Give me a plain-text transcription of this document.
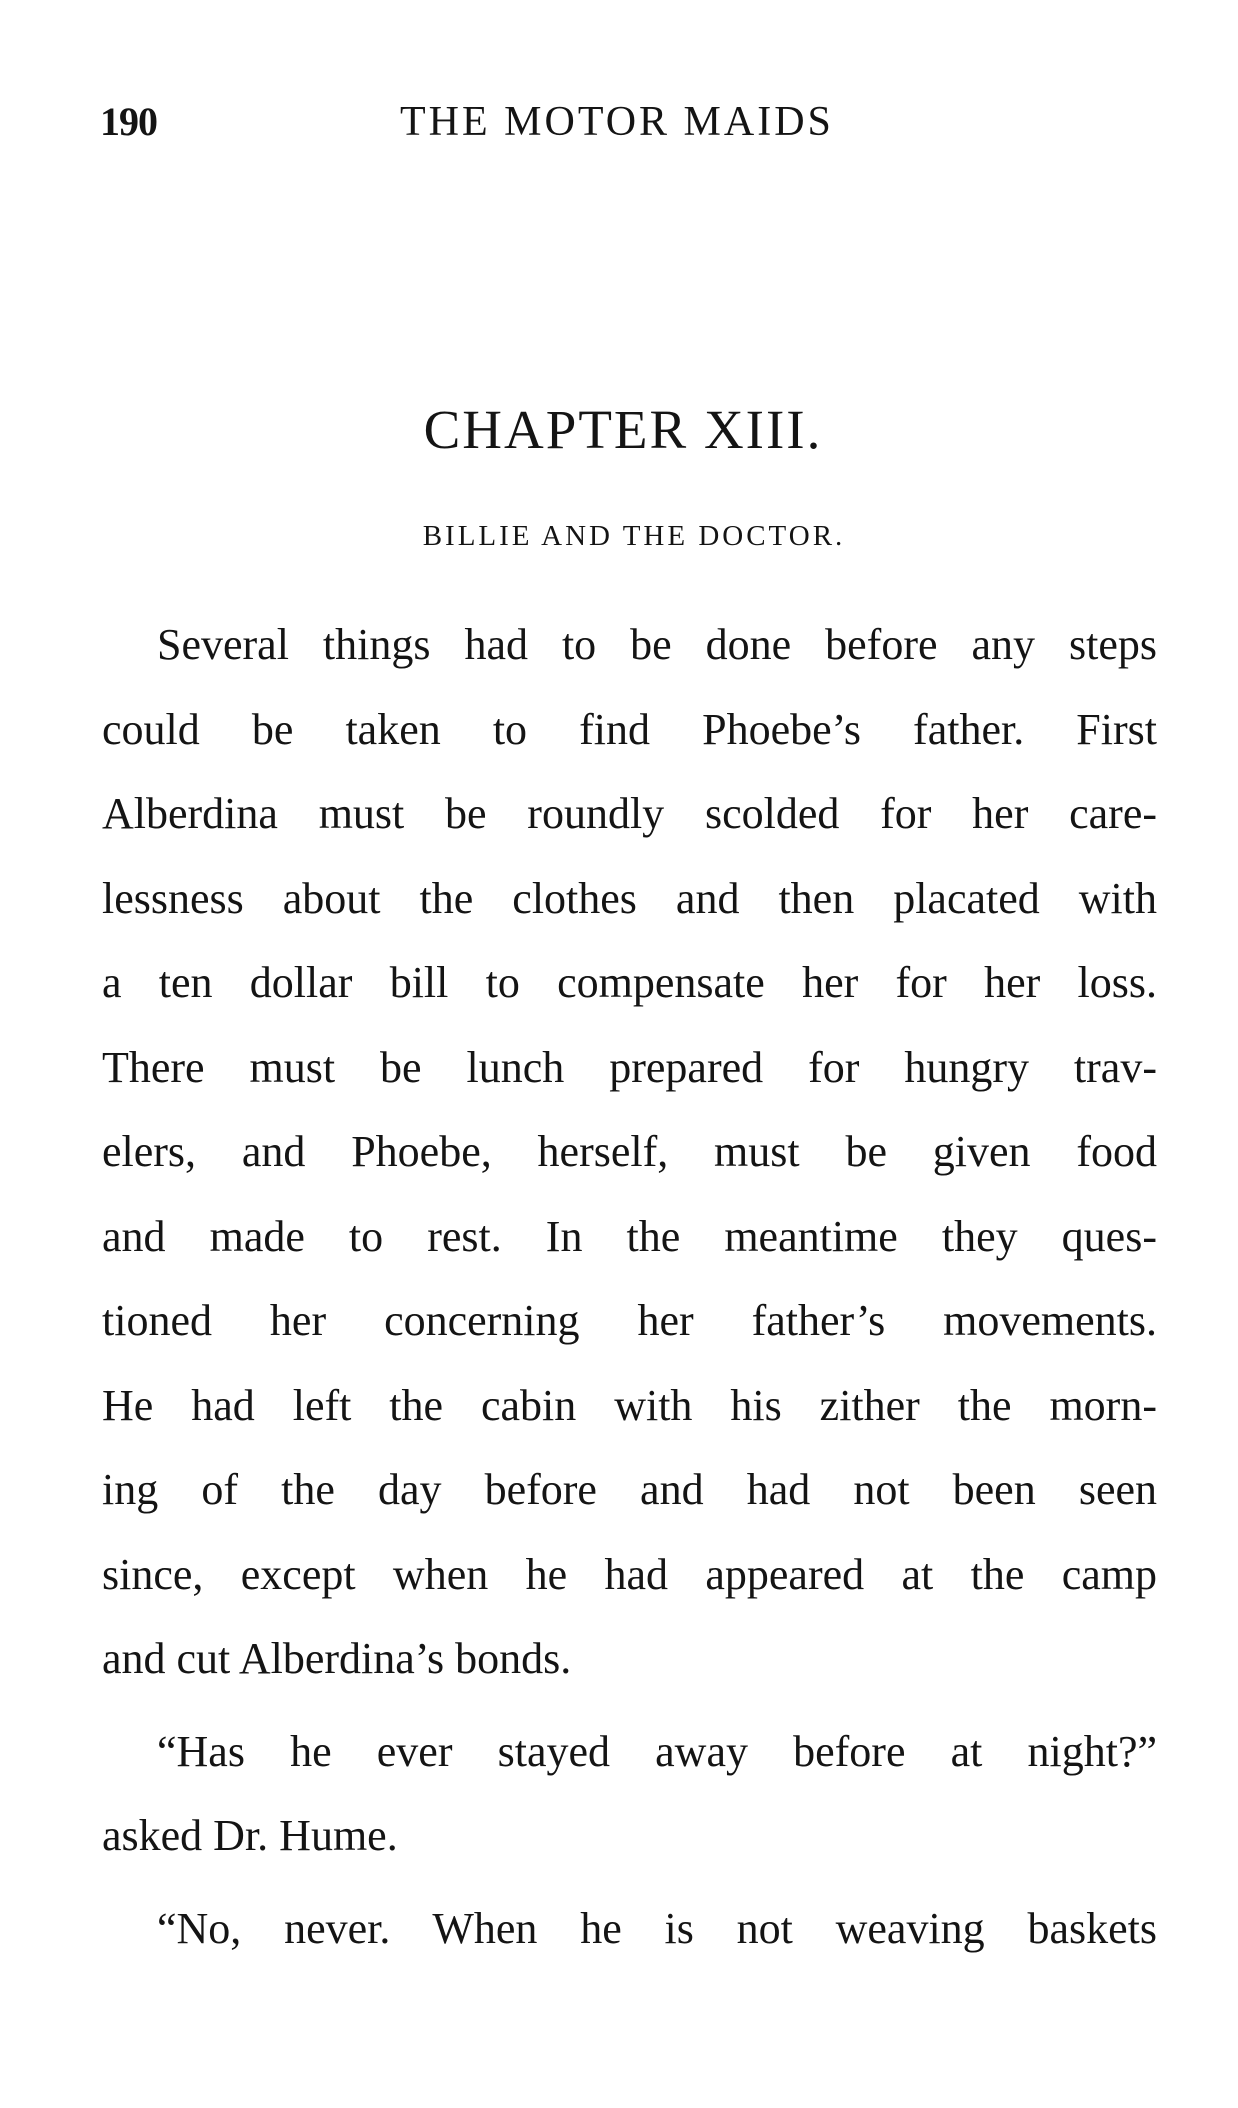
190	THE MOTOR MAIDS
CHAPTER XIII.
BILLIE AND THE DOCTOR.
Several things had to be done before any steps
could be taken to find Phoebe’s father. First
Alberdina must be roundly scolded for her care-
lessness about the clothes and then placated with
a ten dollar bill to compensate her for her loss.
There must be lunch prepared for hungry trav-
elers, and Phoebe, herself, must be given food
and made to rest. In the meantime they ques-
tioned her concerning her father’s movements.
He had left the cabin with his zither the morn-
ing of the day before and had not been seen
since, except when he had appeared at the camp
and cut Alberdina’s bonds.
“Has he ever stayed away before at night?”
asked Dr. Hume.
“No, never. When he is not weaving baskets
